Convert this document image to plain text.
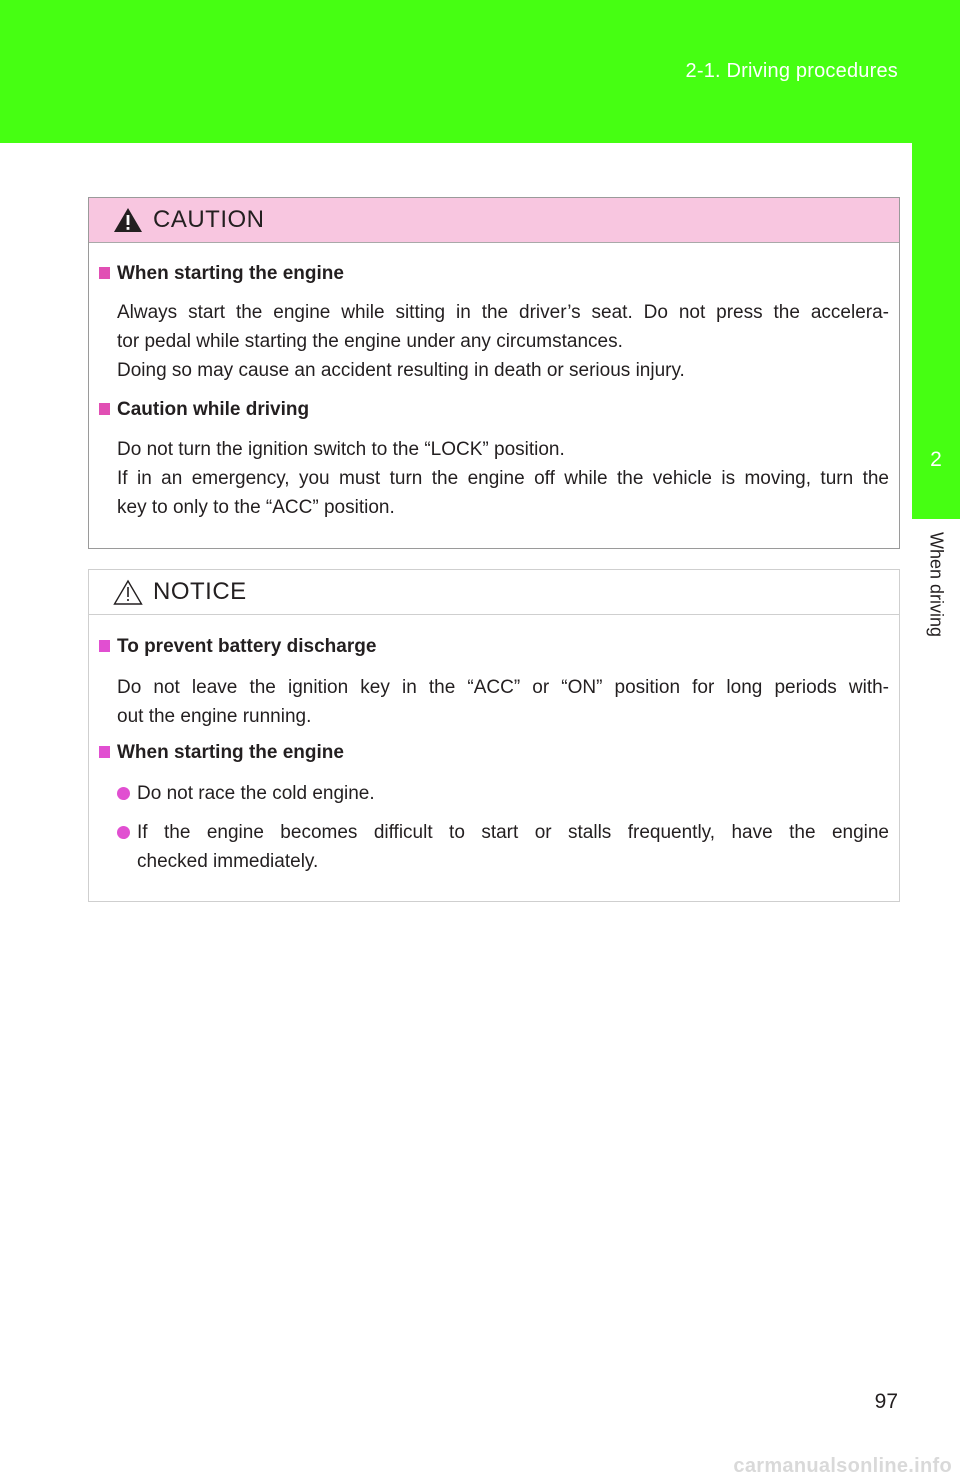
2-1. Driving procedures
2
When driving
CAUTION
When starting the engine
Always start the engine while sitting in the driver’s seat. Do not press the accelera-
tor pedal while starting the engine under any circumstances.
Doing so may cause an accident resulting in death or serious injury.
Caution while driving
Do not turn the ignition switch to the “LOCK” position.
If in an emergency, you must turn the engine off while the vehicle is moving, turn the
key to only to the “ACC” position.
NOTICE
To prevent battery discharge
Do not leave the ignition key in the “ACC” or “ON” position for long periods with-
out the engine running.
When starting the engine
Do not race the cold engine.
If the engine becomes difficult to start or stalls frequently, have the engine
checked immediately.
97
carmanualsonline.info
